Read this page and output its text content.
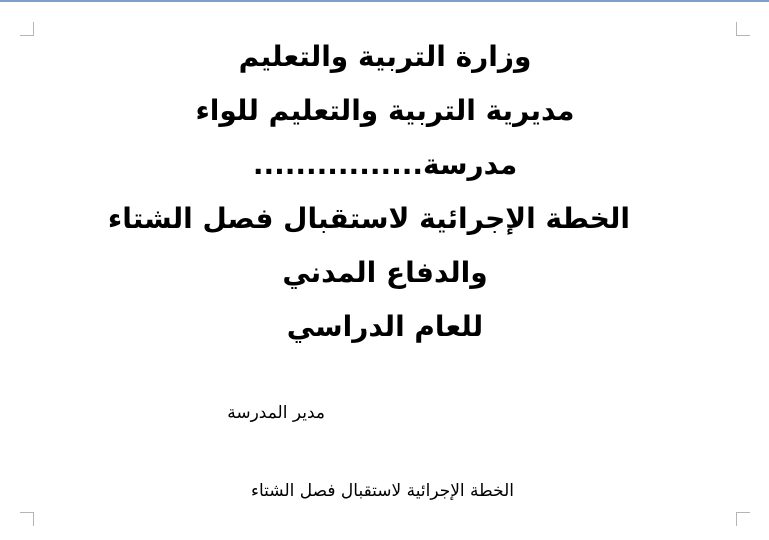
وزارة التربية والتعليم
مديرية التربية والتعليم للواء
مدرسة................
الخطة الإجرائية لاستقبال فصل الشتاء
والدفاع المدني
للعام الدراسي
مدير المدرسة
الخطة الإجرائية لاستقبال فصل الشتاء
